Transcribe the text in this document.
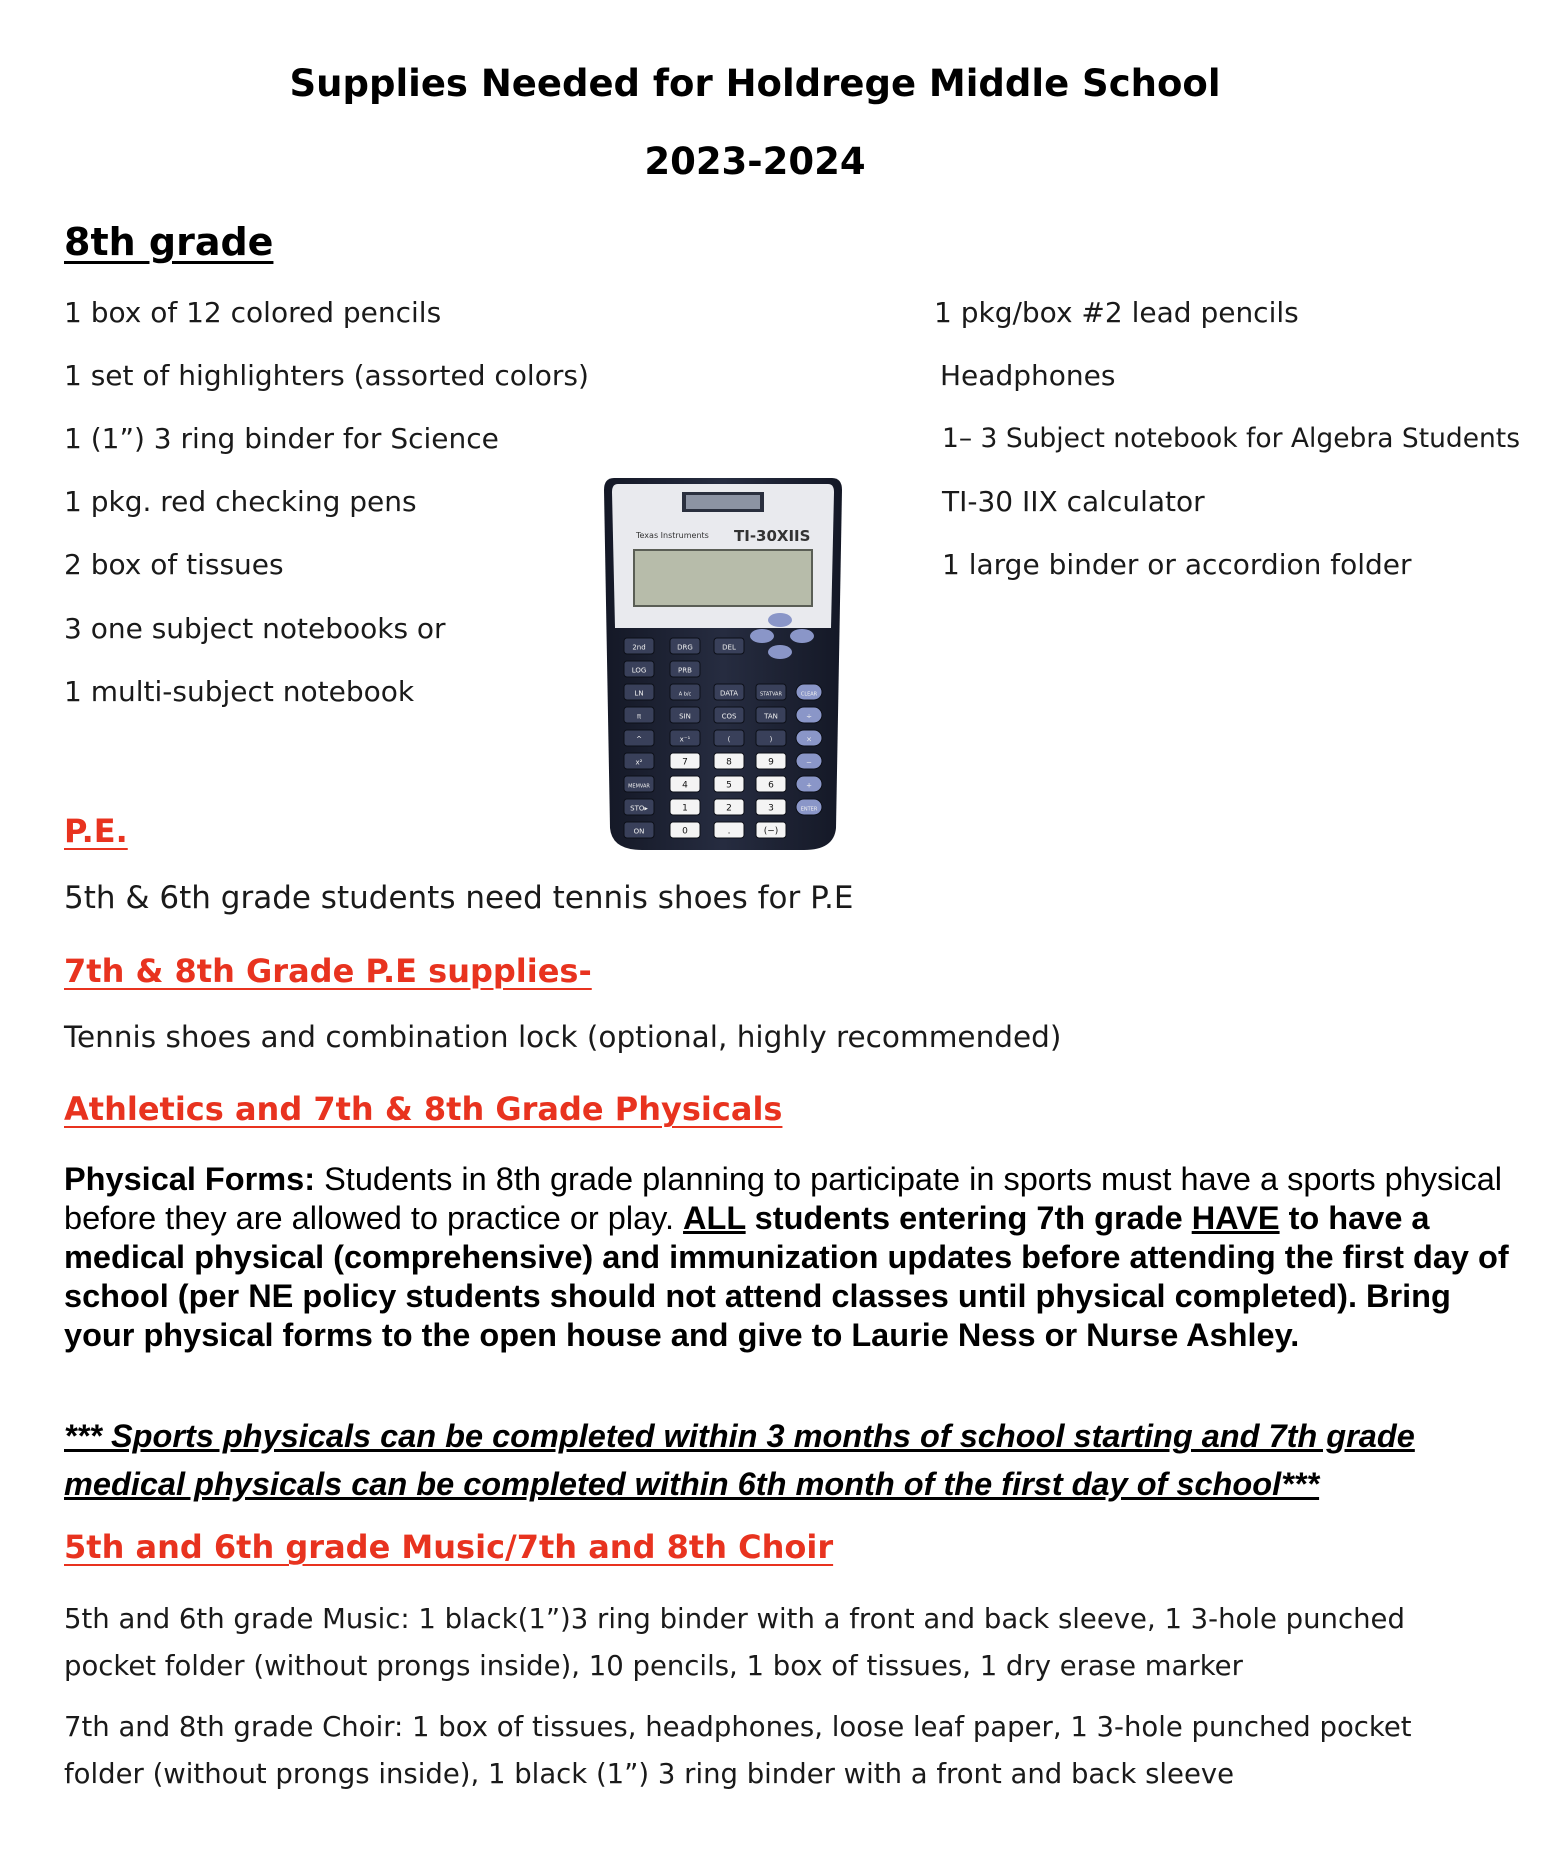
Supplies Needed for Holdrege Middle School
2023-2024
8th grade
1 box of 12 colored pencils
1 set of highlighters (assorted colors)
1 (1”) 3 ring binder for Science
1 pkg. red checking pens
2 box of tissues
3 one subject notebooks or
1 multi-subject notebook
1 pkg/box #2 lead pencils
Headphones
1– 3 Subject notebook for Algebra Students
TI-30 IIX calculator
1 large binder or accordion folder
Texas Instruments TI-30XIIS
2nd	DRG	DEL
LOG	PRB
LN	A b/c	DATA	STATVAR	CLEAR
π	SIN	COS	TAN	÷
^	x⁻¹	(	)	×
x²	7	8	9	−
MEMVAR	4	5	6	+
STO▸	1	2	3	ENTER
ON	0	.	(−)
P.E.
5th & 6th grade students need tennis shoes for P.E
7th & 8th Grade P.E supplies-
Tennis shoes and combination lock (optional, highly recommended)
Athletics and 7th & 8th Grade Physicals
Physical Forms: Students in 8th grade planning to participate in sports must have a sports physical before they are allowed to practice or play. ALL students entering 7th grade HAVE to have a medical physical (comprehensive) and immunization updates before attending the first day of school (per NE policy students should not attend classes until physical completed). Bring your physical forms to the open house and give to Laurie Ness or Nurse Ashley.
*** Sports physicals can be completed within 3 months of school starting and 7th grade medical physicals can be completed within 6th month of the first day of school***
5th and 6th grade Music/7th and 8th Choir
5th and 6th grade Music: 1 black(1”)3 ring binder with a front and back sleeve, 1 3-hole punched pocket folder (without prongs inside), 10 pencils, 1 box of tissues, 1 dry erase marker
7th and 8th grade Choir: 1 box of tissues, headphones, loose leaf paper, 1 3-hole punched pocket folder (without prongs inside), 1 black (1”) 3 ring binder with a front and back sleeve
